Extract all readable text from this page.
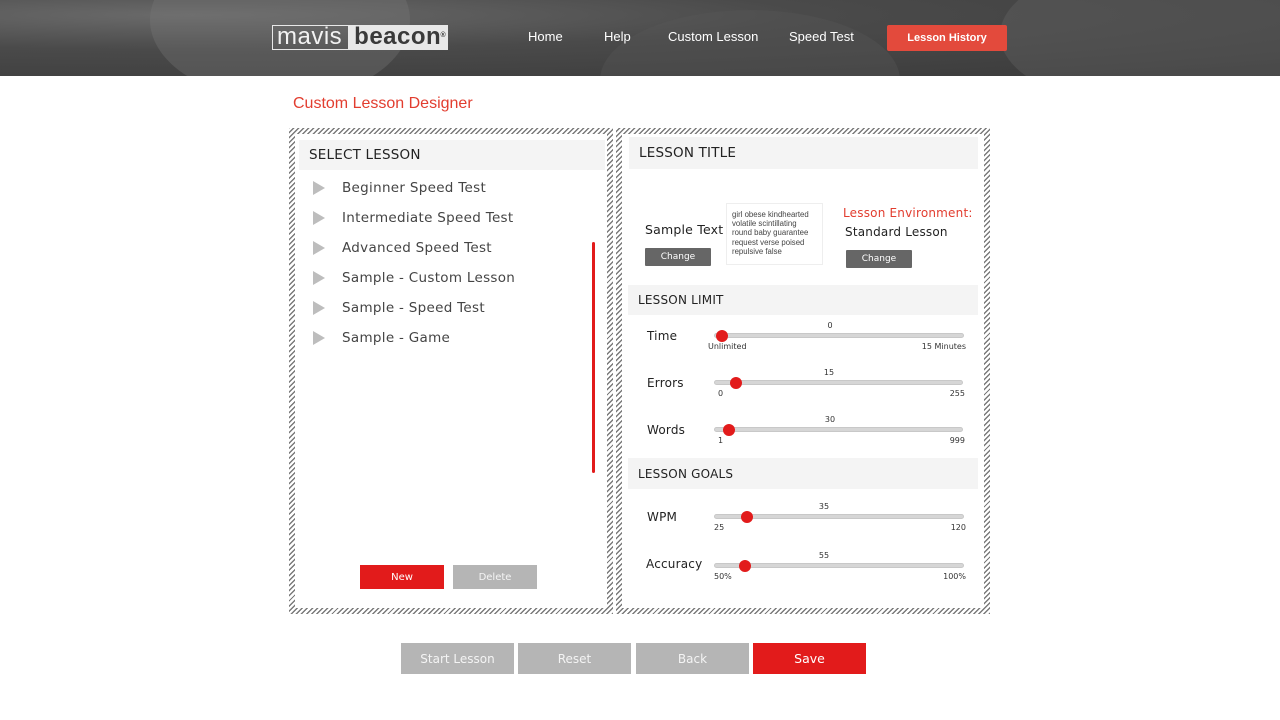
mavis beacon ®	Home	Help	Custom Lesson Speed Test	Lesson History
Custom Lesson Designer
SELECT LESSON
Beginner Speed Test
Intermediate Speed Test
Advanced Speed Test
Sample - Custom Lesson
Sample - Speed Test
Sample - Game
New	Delete
LESSON TITLE
Sample Text
Change
girl obese kindhearted volatile scintillating round baby guarantee request verse poised repulsive false
Lesson Environment:
Standard Lesson
Change
LESSON LIMIT
Time
0
Unlimited	15 Minutes
Errors
15
0	255
Words
30
1	999
LESSON GOALS
WPM
35
25	120
Accuracy
55
50%	100%
Start Lesson	Reset	Back	Save
